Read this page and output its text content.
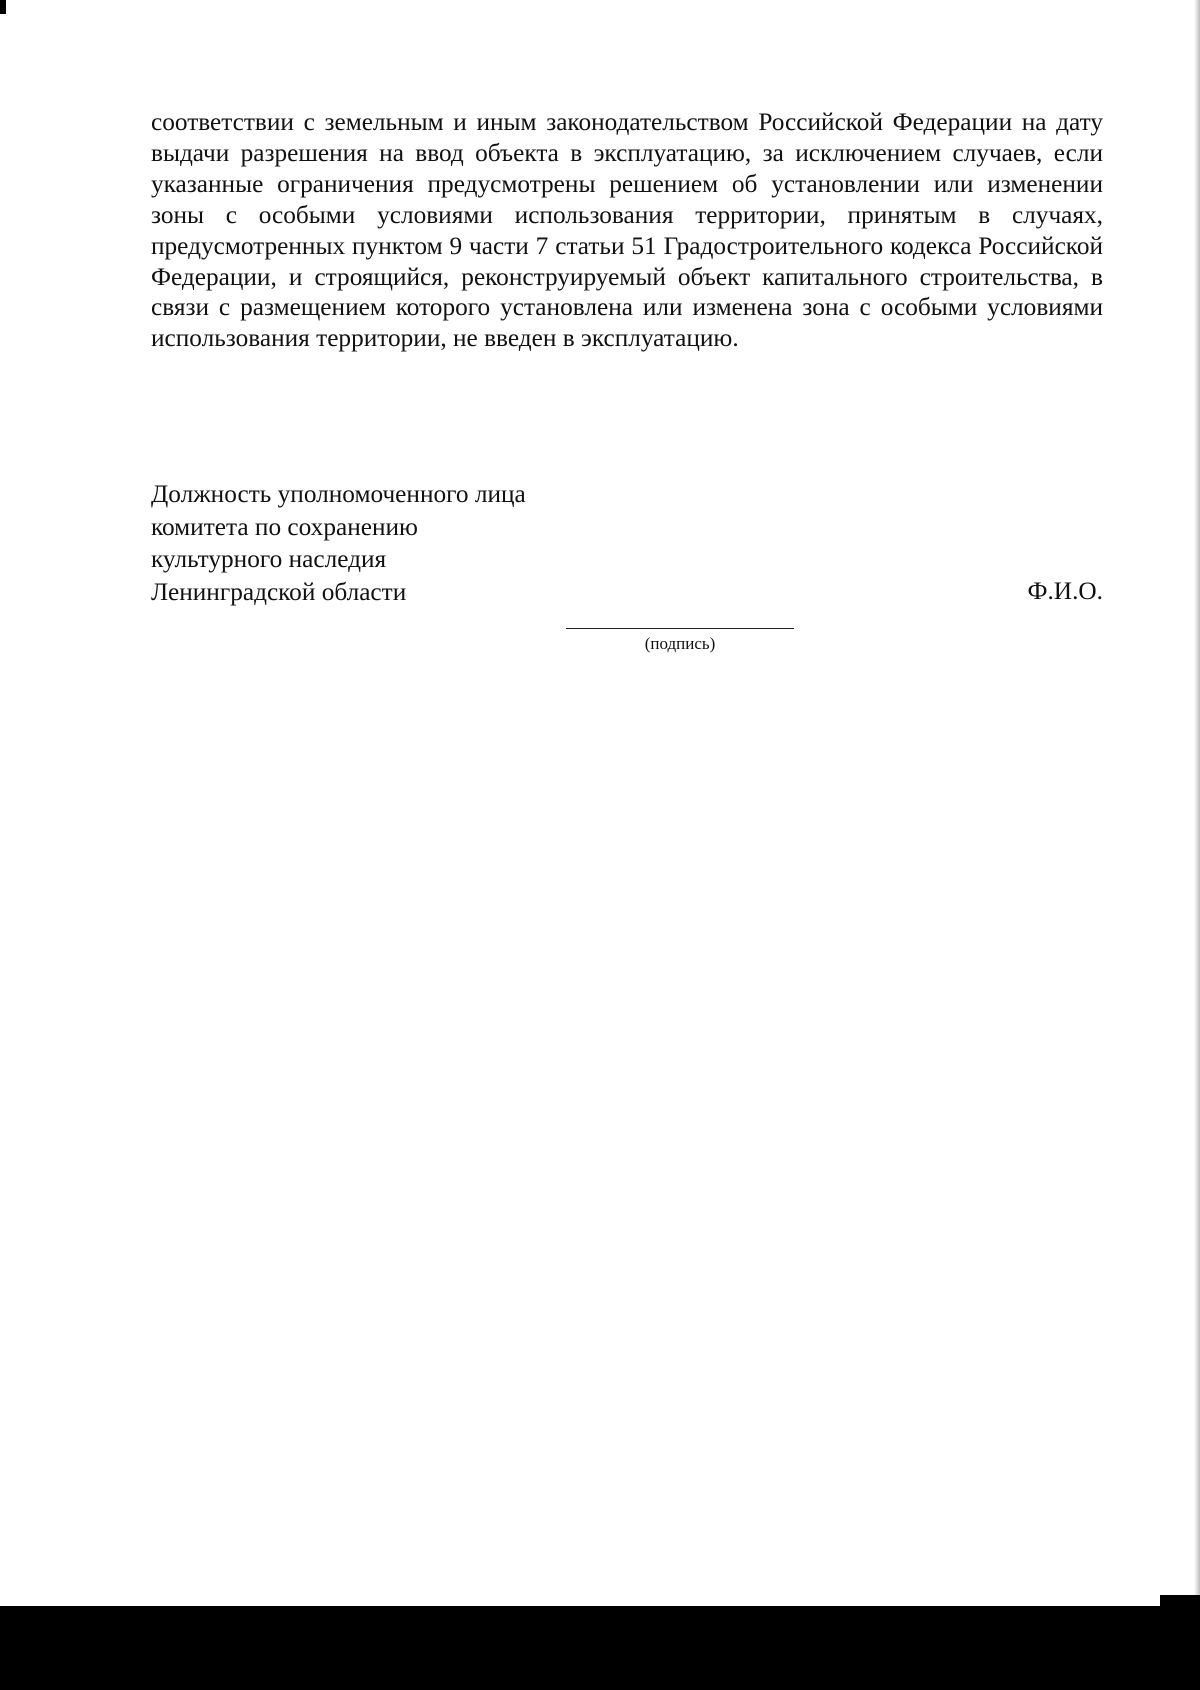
соответствии с земельным и иным законодательством Российской Федерации на дату выдачи разрешения на ввод объекта в эксплуатацию, за исключением случаев, если указанные ограничения предусмотрены решением об установлении или изменении зоны с особыми условиями использования территории, принятым в случаях, предусмотренных пунктом 9 части 7 статьи 51 Градостроительного кодекса Российской Федерации, и строящийся, реконструируемый объект капитального строительства, в связи с размещением которого установлена или изменена зона с особыми условиями использования территории, не введен в эксплуатацию.

Должность уполномоченного лица
комитета по сохранению
культурного наследия
Ленинградской области	Ф.И.О.
(подпись)
